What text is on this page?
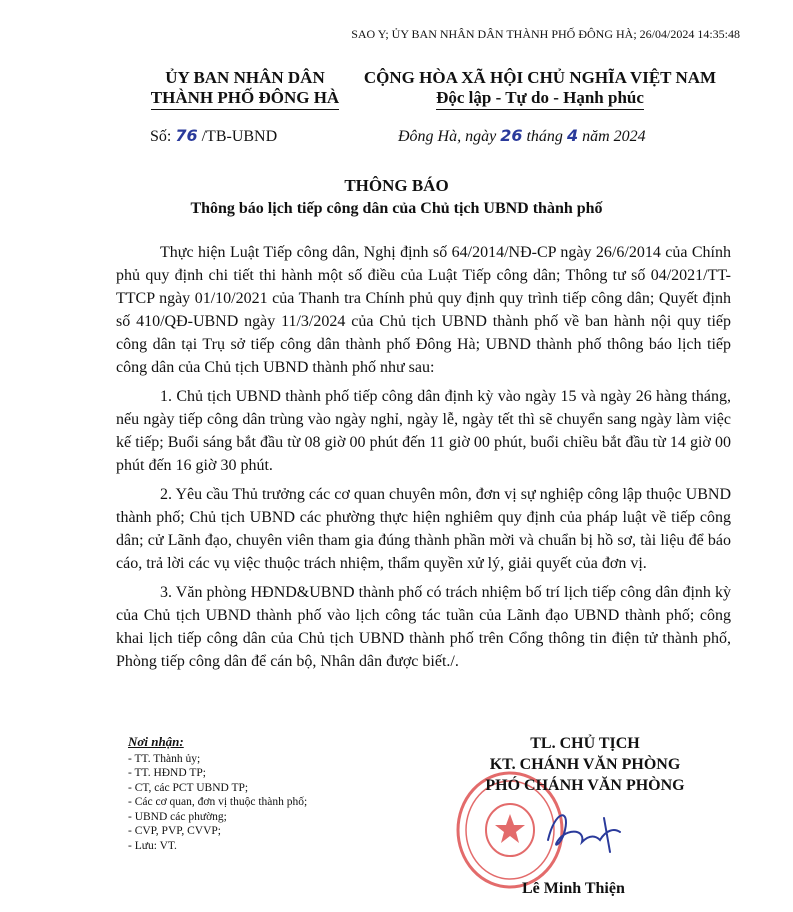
SAO Y; ỦY BAN NHÂN DÂN THÀNH PHỐ ĐÔNG HÀ; 26/04/2024 14:35:48
ỦY BAN NHÂN DÂN
THÀNH PHỐ ĐÔNG HÀ
CỘNG HÒA XÃ HỘI CHỦ NGHĨA VIỆT NAM
Độc lập - Tự do - Hạnh phúc
Số: 76 /TB-UBND	Đông Hà, ngày 26 tháng 4 năm 2024
THÔNG BÁO
Thông báo lịch tiếp công dân của Chủ tịch UBND thành phố

Thực hiện Luật Tiếp công dân, Nghị định số 64/2014/NĐ-CP ngày 26/6/2014 của Chính phủ quy định chi tiết thi hành một số điều của Luật Tiếp công dân; Thông tư số 04/2021/TT-TTCP ngày 01/10/2021 của Thanh tra Chính phủ quy định quy trình tiếp công dân; Quyết định số 410/QĐ-UBND ngày 11/3/2024 của Chủ tịch UBND thành phố về ban hành nội quy tiếp công dân tại Trụ sở tiếp công dân thành phố Đông Hà; UBND thành phố thông báo lịch tiếp công dân của Chủ tịch UBND thành phố như sau:

1. Chủ tịch UBND thành phố tiếp công dân định kỳ vào ngày 15 và ngày 26 hàng tháng, nếu ngày tiếp công dân trùng vào ngày nghỉ, ngày lễ, ngày tết thì sẽ chuyển sang ngày làm việc kế tiếp; Buổi sáng bắt đầu từ 08 giờ 00 phút đến 11 giờ 00 phút, buổi chiều bắt đầu từ 14 giờ 00 phút đến 16 giờ 30 phút.

2. Yêu cầu Thủ trưởng các cơ quan chuyên môn, đơn vị sự nghiệp công lập thuộc UBND thành phố; Chủ tịch UBND các phường thực hiện nghiêm quy định của pháp luật về tiếp công dân; cử Lãnh đạo, chuyên viên tham gia đúng thành phần mời và chuẩn bị hồ sơ, tài liệu để báo cáo, trả lời các vụ việc thuộc trách nhiệm, thẩm quyền xử lý, giải quyết của đơn vị.

3. Văn phòng HĐND&UBND thành phố có trách nhiệm bố trí lịch tiếp công dân định kỳ của Chủ tịch UBND thành phố vào lịch công tác tuần của Lãnh đạo UBND thành phố; công khai lịch tiếp công dân của Chủ tịch UBND thành phố trên Cổng thông tin điện tử thành phố, Phòng tiếp công dân để cán bộ, Nhân dân được biết./.

Nơi nhận:
- TT. Thành ủy;
- TT. HĐND TP;
- CT, các PCT UBND TP;
- Các cơ quan, đơn vị thuộc thành phố;
- UBND các phường;
- CVP, PVP, CVVP;
- Lưu: VT.
TL. CHỦ TỊCH
KT. CHÁNH VĂN PHÒNG
PHÓ CHÁNH VĂN PHÒNG
Lê Minh Thiện
